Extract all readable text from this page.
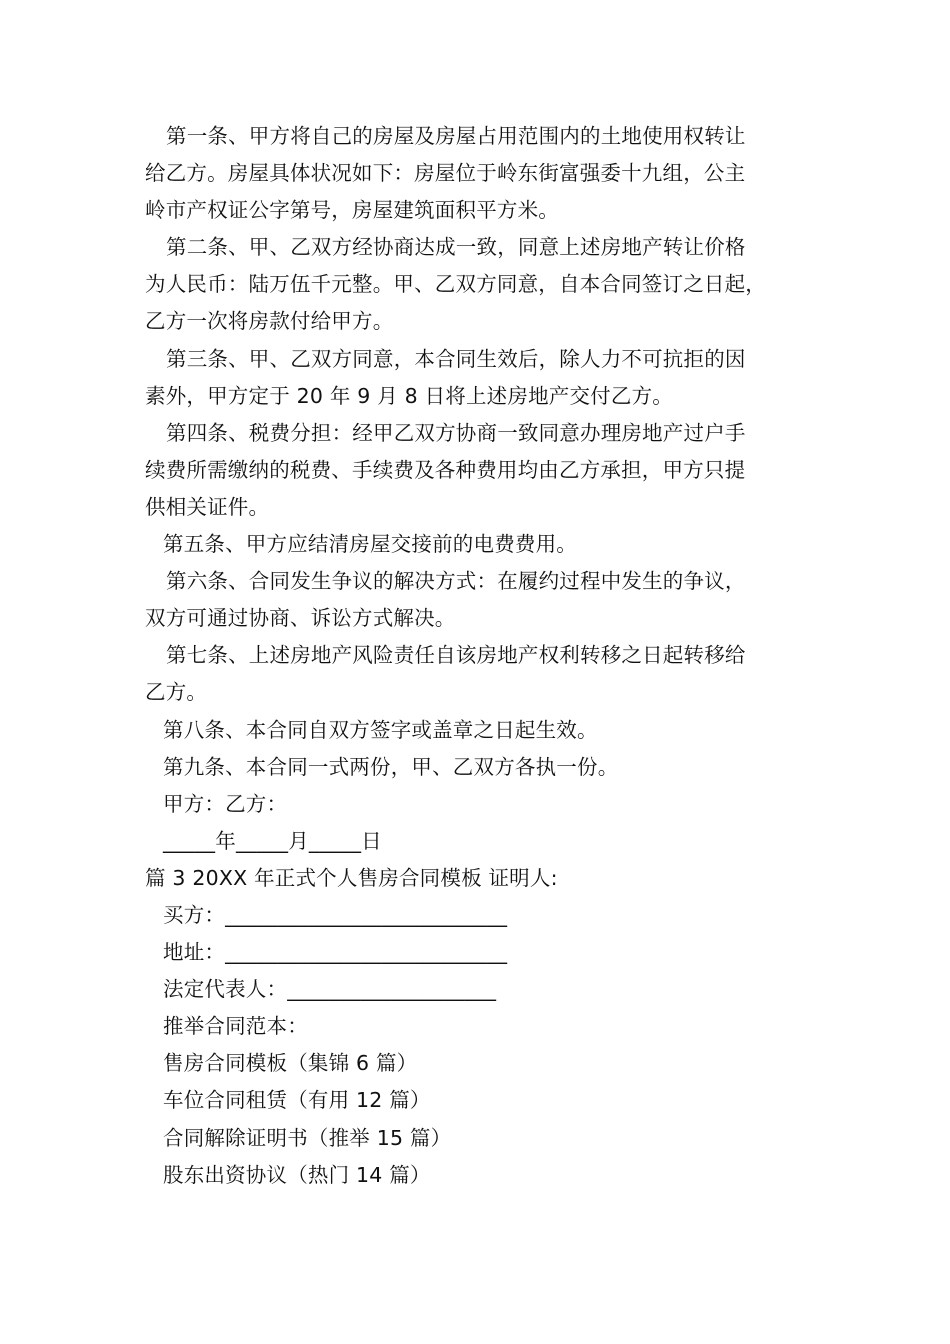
第一条、甲方将自己的房屋及房屋占用范围内的土地使用权转让
给乙方。房屋具体状况如下：房屋位于岭东街富强委十九组，公主
岭市产权证公字第号，房屋建筑面积平方米。
第二条、甲、乙双方经协商达成一致，同意上述房地产转让价格
为人民币：陆万伍千元整。甲、乙双方同意，自本合同签订之日起，
乙方一次将房款付给甲方。
第三条、甲、乙双方同意，本合同生效后，除人力不可抗拒的因
素外，甲方定于 20 年 9 月 8 日将上述房地产交付乙方。
第四条、税费分担：经甲乙双方协商一致同意办理房地产过户手
续费所需缴纳的税费、手续费及各种费用均由乙方承担，甲方只提
供相关证件。
第五条、甲方应结清房屋交接前的电费费用。
第六条、合同发生争议的解决方式：在履约过程中发生的争议，
双方可通过协商、诉讼方式解决。
第七条、上述房地产风险责任自该房地产权利转移之日起转移给
乙方。
第八条、本合同自双方签字或盖章之日起生效。
第九条、本合同一式两份，甲、乙双方各执一份。
甲方：乙方：
_____年_____月_____日
篇 3 20XX 年正式个人售房合同模板 证明人:
买方：___________________________
地址：___________________________
法定代表人：____________________
推举合同范本：
售房合同模板（集锦 6 篇）
车位合同租赁（有用 12 篇）
合同解除证明书（推举 15 篇）
股东出资协议（热门 14 篇）
